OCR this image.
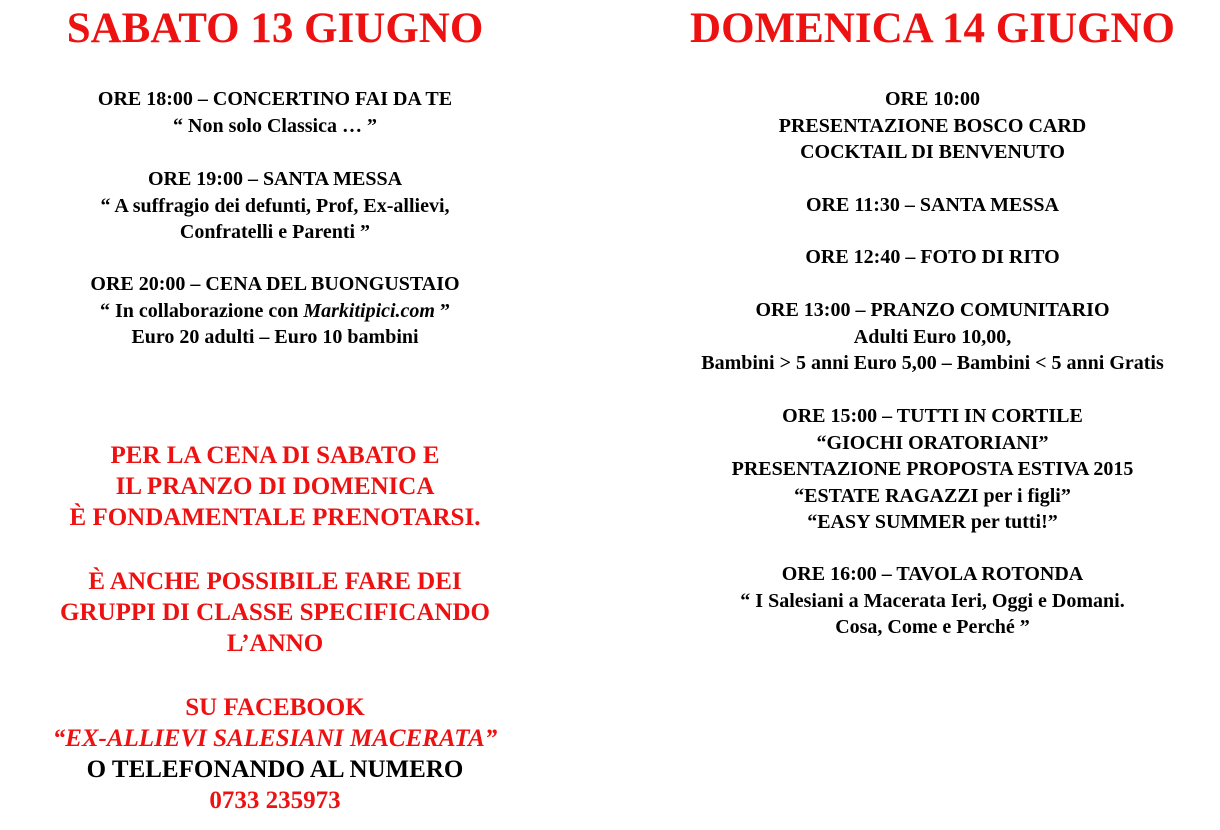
SABATO 13 GIUGNO
ORE 18:00 – CONCERTINO FAI DA TE
“ Non solo Classica … ”
ORE 19:00 – SANTA MESSA
“ A suffragio dei defunti, Prof, Ex-allievi,
Confratelli e Parenti ”
ORE 20:00 – CENA DEL BUONGUSTAIO
“ In collaborazione con Markitipici.com ”
Euro 20 adulti – Euro 10 bambini
PER LA CENA DI SABATO E
IL PRANZO DI DOMENICA
È FONDAMENTALE PRENOTARSI.
È ANCHE POSSIBILE FARE DEI
GRUPPI DI CLASSE SPECIFICANDO
L’ANNO
SU FACEBOOK
“EX-ALLIEVI SALESIANI MACERATA”
O TELEFONANDO AL NUMERO
0733 235973
DOMENICA 14 GIUGNO
ORE 10:00
PRESENTAZIONE BOSCO CARD
COCKTAIL DI BENVENUTO
ORE 11:30 – SANTA MESSA
ORE 12:40 – FOTO DI RITO
ORE 13:00 – PRANZO COMUNITARIO
Adulti Euro 10,00,
Bambini > 5 anni Euro 5,00 – Bambini < 5 anni Gratis
ORE 15:00 – TUTTI IN CORTILE
“GIOCHI ORATORIANI”
PRESENTAZIONE PROPOSTA ESTIVA 2015
“ESTATE RAGAZZI per i figli”
“EASY SUMMER per tutti!”
ORE 16:00 – TAVOLA ROTONDA
“ I Salesiani a Macerata Ieri, Oggi e Domani.
Cosa, Come e Perché ”
